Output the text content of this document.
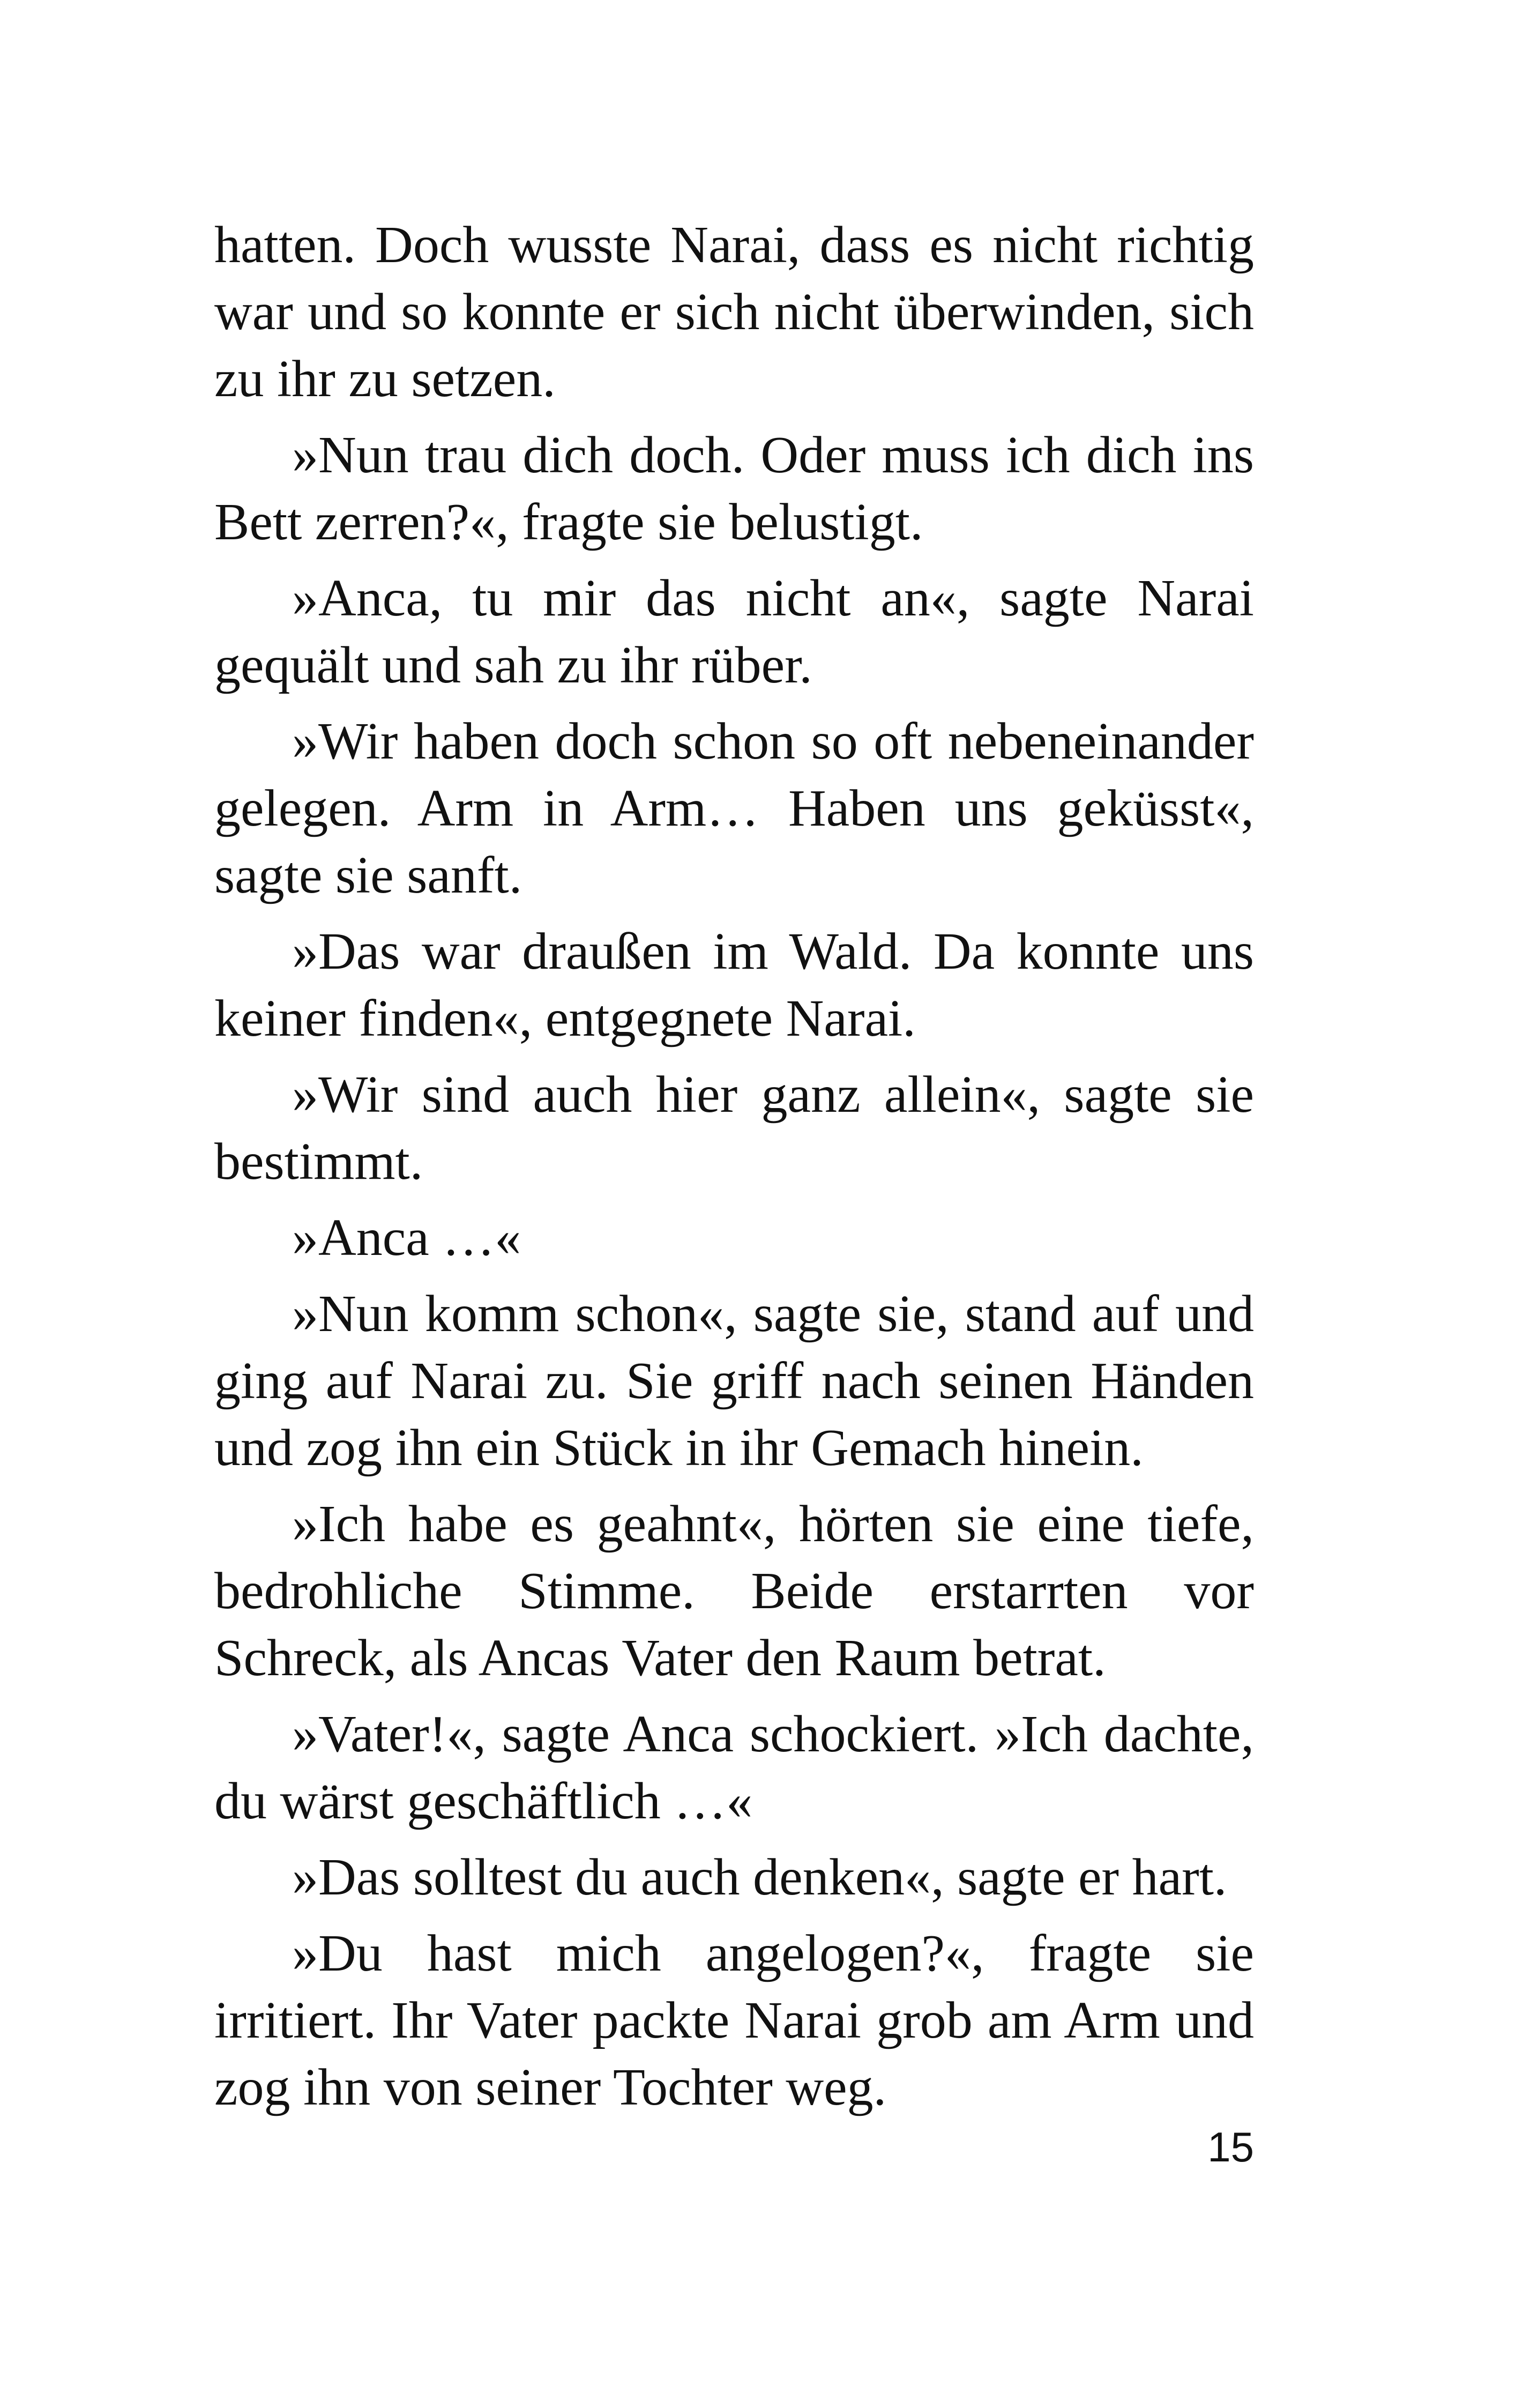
hatten. Doch wusste Narai, dass es nicht richtig war und so konnte er sich nicht überwinden, sich zu ihr zu setzen.

»Nun trau dich doch. Oder muss ich dich ins Bett zerren?«, fragte sie belustigt.

»Anca, tu mir das nicht an«, sagte Narai gequält und sah zu ihr rüber.

»Wir haben doch schon so oft nebeneinander gelegen. Arm in Arm… Haben uns geküsst«, sagte sie sanft.

»Das war draußen im Wald. Da konnte uns keiner finden«, entgegnete Narai.

»Wir sind auch hier ganz allein«, sagte sie bestimmt.

»Anca …«

»Nun komm schon«, sagte sie, stand auf und ging auf Narai zu. Sie griff nach seinen Händen und zog ihn ein Stück in ihr Gemach hinein.

»Ich habe es geahnt«, hörten sie eine tiefe, bedrohliche Stimme. Beide erstarrten vor Schreck, als Ancas Vater den Raum betrat.

»Vater!«, sagte Anca schockiert. »Ich dachte, du wärst geschäftlich …«

»Das solltest du auch denken«, sagte er hart.

»Du hast mich angelogen?«, fragte sie irritiert. Ihr Vater packte Narai grob am Arm und zog ihn von seiner Tochter weg.

15
